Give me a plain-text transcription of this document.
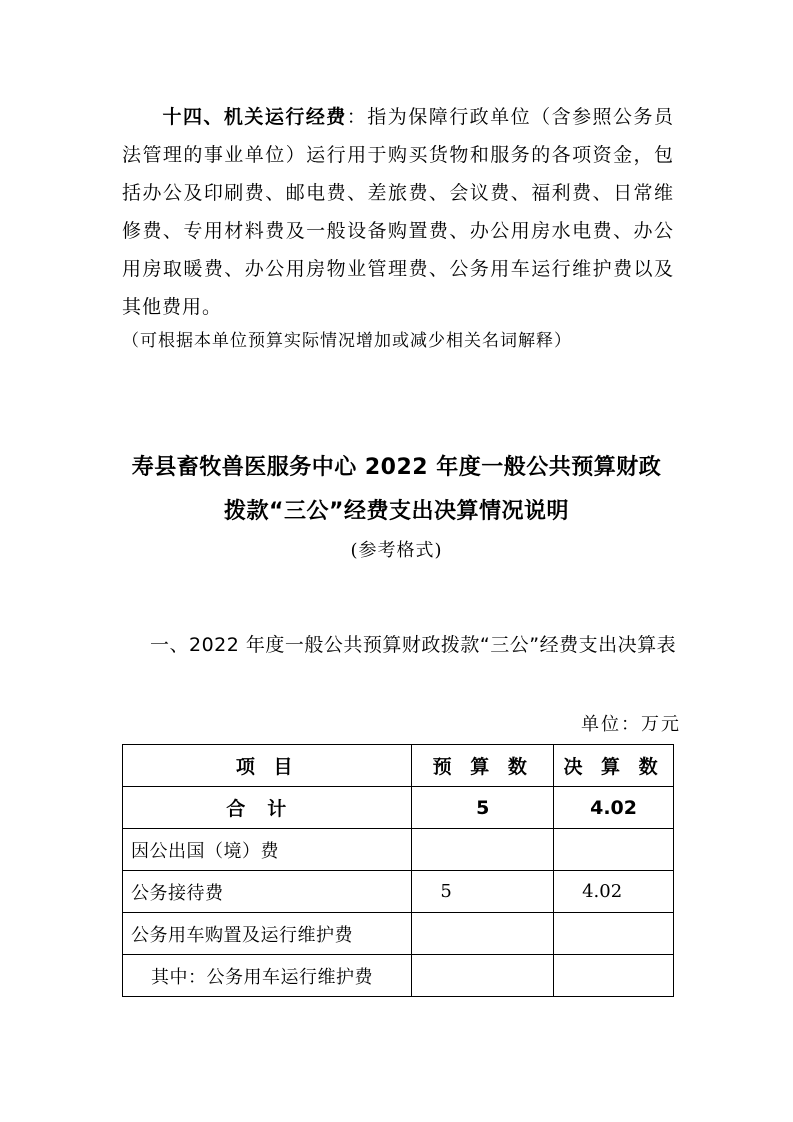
十四、机关运行经费：指为保障行政单位（含参照公务员法管理的事业单位）运行用于购买货物和服务的各项资金，包括办公及印刷费、邮电费、差旅费、会议费、福利费、日常维修费、专用材料费及一般设备购置费、办公用房水电费、办公用房取暖费、办公用房物业管理费、公务用车运行维护费以及其他费用。
（可根据本单位预算实际情况增加或减少相关名词解释）
寿县畜牧兽医服务中心 2022 年度一般公共预算财政
拨款“三公”经费支出决算情况说明
(参考格式)
一、2022 年度一般公共预算财政拨款“三公”经费支出决算表
单位：万元
项 目	预 算 数	决 算 数
合计	5	4.02
因公出国（境）费		
公务接待费	5	4.02
公务用车购置及运行维护费		
其中：公务用车运行维护费		
